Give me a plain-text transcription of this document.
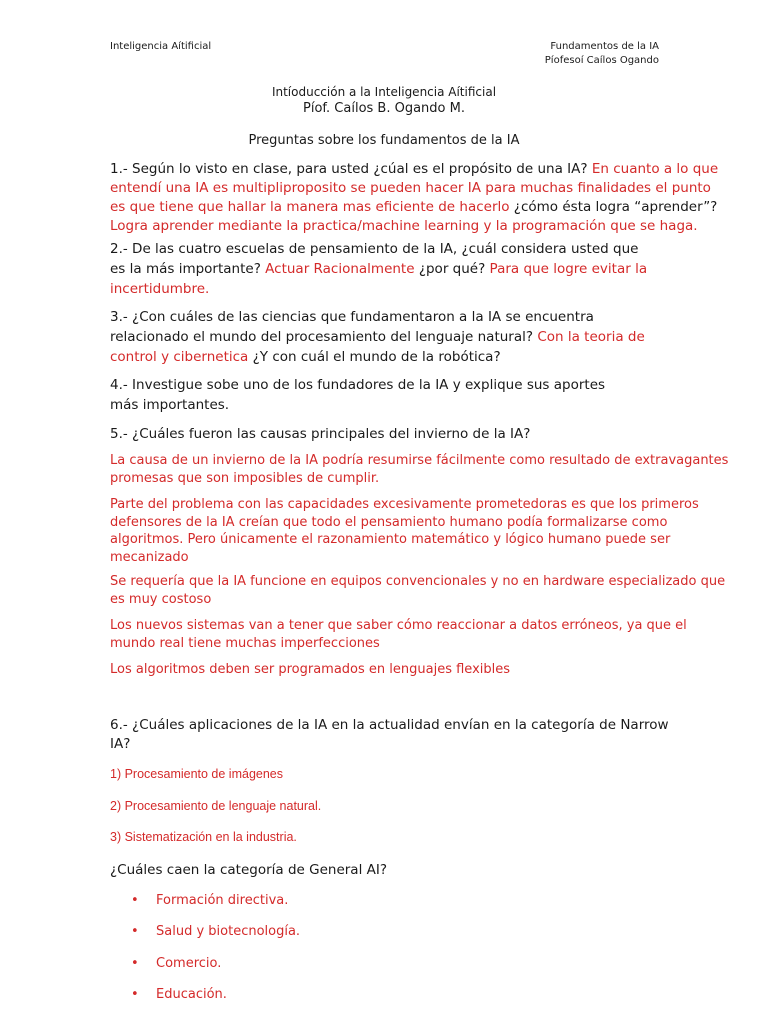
Inteligencia Aítificial	Fundamentos de la IA
Píofesoí Caílos Ogando
Intíoducción a la Inteligencia Aítificial
Píof. Caílos B. Ogando M.
Preguntas sobre los fundamentos de la IA
1.- Según lo visto en clase, para usted ¿cúal es el propósito de una IA? En cuanto a lo que entendí una IA es multipliproposito se pueden hacer IA para muchas finalidades el punto es que tiene que hallar la manera mas eficiente de hacerlo ¿cómo ésta logra “aprender”?Logra aprender mediante la practica/machine learning y la programación que se haga.
2.- De las cuatro escuelas de pensamiento de la IA, ¿cuál considera usted que es la más importante? Actuar Racionalmente ¿por qué? Para que logre evitar la incertidumbre.
3.- ¿Con cuáles de las ciencias que fundamentaron a la IA se encuentra relacionado el mundo del procesamiento del lenguaje natural? Con la teoria de control y cibernetica ¿Y con cuál el mundo de la robótica?
4.- Investigue sobe uno de los fundadores de la IA y explique sus aportes más importantes.
5.- ¿Cuáles fueron las causas principales del invierno de la IA?
La causa de un invierno de la IA podría resumirse fácilmente como resultado de extravagantes promesas que son imposibles de cumplir.
Parte del problema con las capacidades excesivamente prometedoras es que los primeros defensores de la IA creían que todo el pensamiento humano podía formalizarse como algoritmos. Pero únicamente el razonamiento matemático y lógico humano puede ser mecanizado
Se requería que la IA funcione en equipos convencionales y no en hardware especializado que es muy costoso
Los nuevos sistemas van a tener que saber cómo reaccionar a datos erróneos, ya que el mundo real tiene muchas imperfecciones
Los algoritmos deben ser programados en lenguajes flexibles
6.- ¿Cuáles aplicaciones de la IA en la actualidad envían en la categoría de Narrow IA?
1) Procesamiento de imágenes
2) Procesamiento de lenguaje natural.
3) Sistematización en la industria.
¿Cuáles caen la categoría de General AI?
• Formación directiva.
• Salud y biotecnología.
• Comercio.
• Educación.
